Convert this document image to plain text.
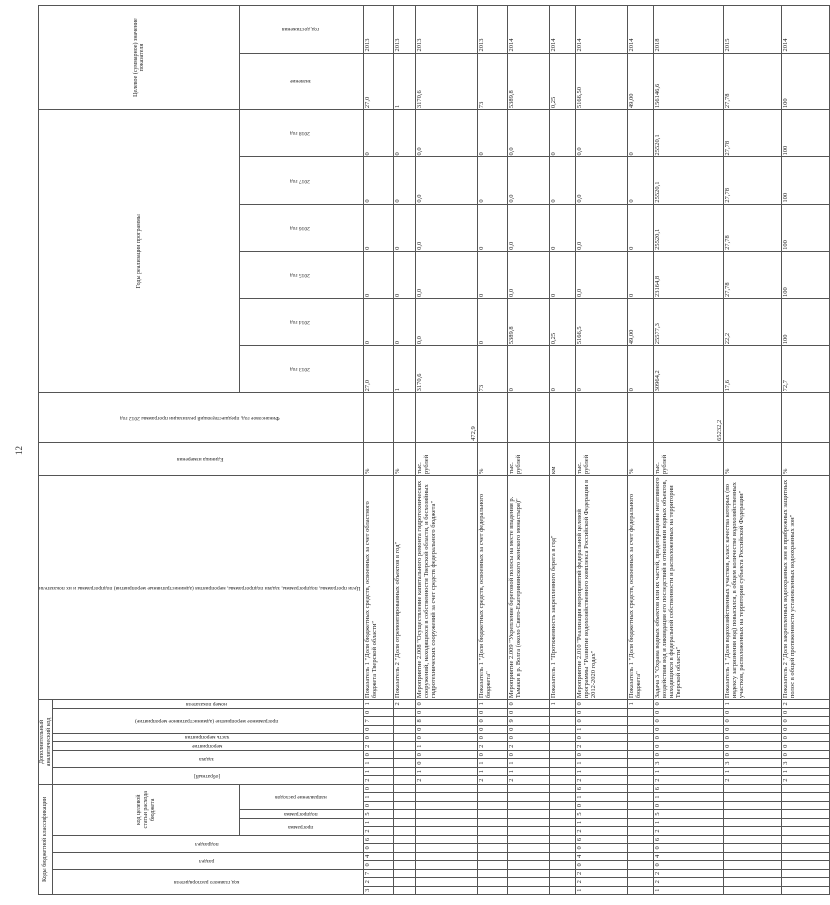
12
Коды бюджетной классификации													Дополнительный аналитический код										Цели программы, подпрограммы, задачи подпрограммы, мероприятия (административные мероприятия) подпрограммы и их показатели	Единица измерения	Финансовое год, предшествующий реализации программы 2012 год	Годы реализации программы						Целевое (суммарное) значение показателя	
код главного распорядителя			раздел		подраздел		код целевой статьи расхода бюджета						[обратный]		задача		мероприятие	часть мероприятия	программное мероприятие (административное мероприятие)			номер показателя											
							программа		подпрограмма	направление расходов																2013 год	2014 год	2015 год	2016 год	2017 год	2018 год	значение	год достижения
3	2	7	0	4	0	6	2	1	5	0	1	0	2	1	1	0	2	0	0	7	0	1	Показатель 1 "Доля бюджетных средств, освоенных за счет областного бюджета Тверской области"	%		27,0	0	0	0	0	0	27,0	2013
																						2	Показатель 2 "Доля отремонтированных объектов в год"	%		1	0	0	0	0	0	1	2013
													2	1	0	0	1	0	0	8	0	0	Мероприятие 2.008 "Осуществление капитального ремонта гидротехнических сооружений, находящихся в собственности Тверской области, и бесхозяйных гидротехнических сооружений за счет средств федерального бюджета"	тыс. рублей	472,9	3170,6	0,0	0,0	0,0	0,0	0,0	3170,6	2013
													2	1	1	0	2	0	0	0	0	1	Показатель 1 "Доля бюджетных средств, освоенных за счет федерального бюджета"	%		73	0	0	0	0	0	73	2013
													2	1	1	0	2	0	0	9	0	0	Мероприятие 2.009 "Укрепление береговой полосы на месте впадения р. Тьмаки в р. Волга (около Свято-Екатерининского женского монастыря)"	тыс. рублей		0	5389,8	0,0	0,0	0,0	0,0	5389,8	2014
																						1	Показатель 1 "Протяженность закрепленного берега в год"	км		0	0,25	0	0	0	0	0,25	2014
1	2	2	0	4	0	6	2	1	5	0	1	6	2	1	1	0	2	0	1	0	0	0	Мероприятие 2.010 "Реализация мероприятий федеральной целевой программы "Развитие водохозяйственного комплекса Российской Федерации в 2012-2020 годах"	тыс. рублей		0	5166,5	0,0	0,0	0,0	0,0	5166,50	2014
																						1	Показатель 1 "Доля бюджетных средств, освоенных за счет федерального бюджета"	%		0	49,00	0	0	0	0	49,00	2014
1	2	2	0	4	0	6	2	1	5	0	1	6	2	1	3	0	0	0	0	0	0	0	Задача 3 "Охрана водных объектов или их частей, предотвращение негативного воздействия вод и ликвидация его последствий в отношении водных объектов, находящихся в федеральной собственности и расположенных на территории Тверской области"	тыс. рублей	65232,2	30964,2	25577,3	23164,8	25520,1	25520,1	25520,1	156146,6	2018
													2	1	3	0	0	0	0	0	0	1	Показатель 1 "Доля водохозяйственных участков, класс качества которых (по индексу загрязнения вод) повысился, в общем количестве водохозяйственных участков, расположенных на территории субъекта Российской Федерации"	%		17,6	22,2	27,78	27,78	27,78	27,78	27,78	2015
													2	1	3	0	0	0	0	0	0	2	Показатель 2 "Доля закрепленных водоохранных зон и прибрежных защитных полос в общей протяженности установленных водоохранных зон"	%		72,7	100	100	100	100	100	100	2014
